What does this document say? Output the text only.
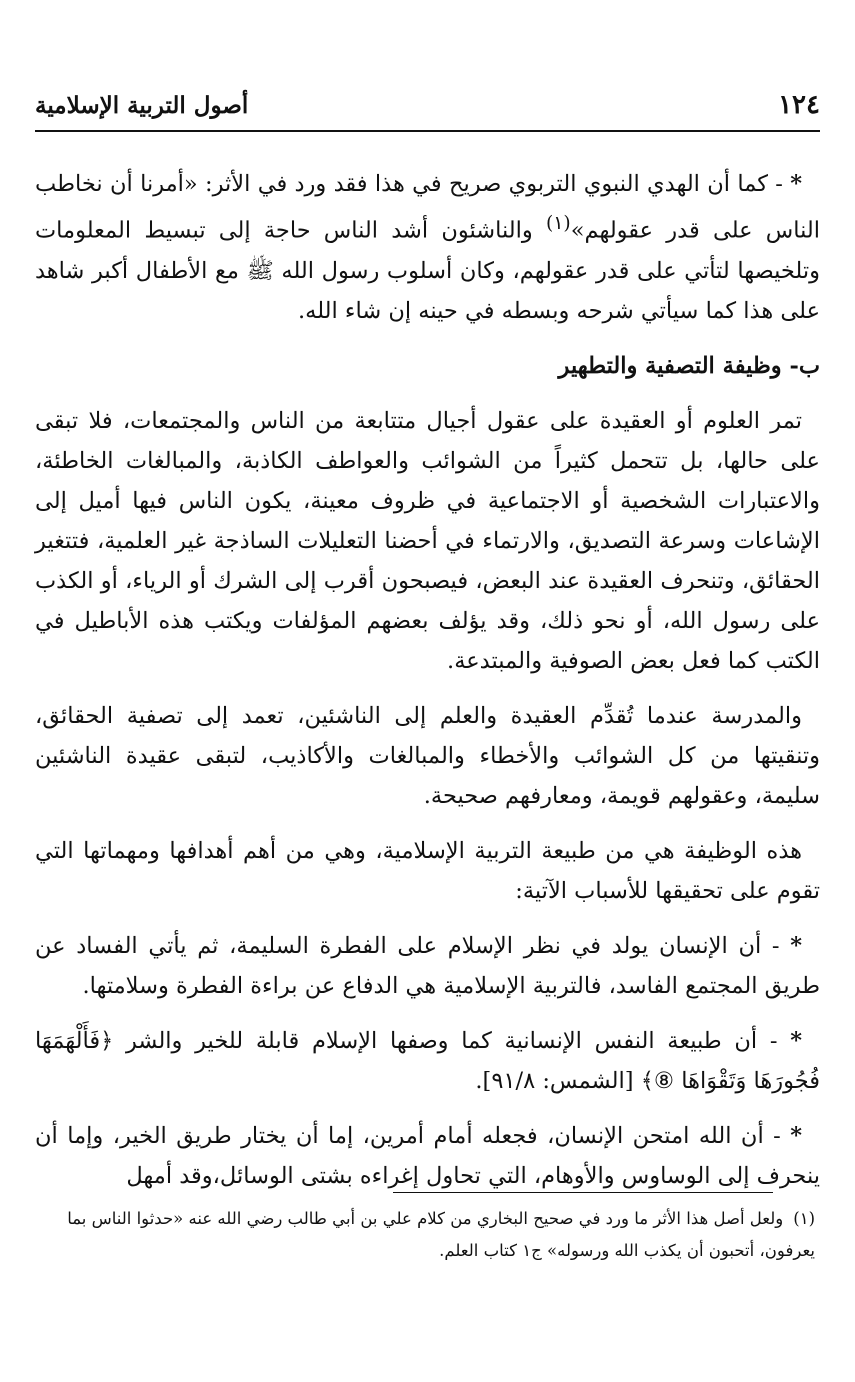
١٢٤
أصول التربية الإسلامية

* - كما أن الهدي النبوي التربوي صريح في هذا فقد ورد في الأثر: «أمرنا أن نخاطب الناس على قدر عقولهم»$^{(١)}$ والناشئون أشد الناس حاجة إلى تبسيط المعلومات وتلخيصها لتأتي على قدر عقولهم، وكان أسلوب رسول الله ﷺ مع الأطفال أكبر شاهد على هذا كما سيأتي شرحه وبسطه في حينه إن شاء الله.

ب- وظيفة التصفية والتطهير

تمر العلوم أو العقيدة على عقول أجيال متتابعة من الناس والمجتمعات، فلا تبقى على حالها، بل تتحمل كثيراً من الشوائب والعواطف الكاذبة، والمبالغات الخاطئة، والاعتبارات الشخصية أو الاجتماعية في ظروف معينة، يكون الناس فيها أميل إلى الإشاعات وسرعة التصديق، والارتماء في أحضنا التعليلات الساذجة غير العلمية، فتتغير الحقائق، وتنحرف العقيدة عند البعض، فيصبحون أقرب إلى الشرك أو الرياء، أو الكذب على رسول الله، أو نحو ذلك، وقد يؤلف بعضهم المؤلفات ويكتب هذه الأباطيل في الكتب كما فعل بعض الصوفية والمبتدعة.

والمدرسة عندما تُقدِّم العقيدة والعلم إلى الناشئين، تعمد إلى تصفية الحقائق، وتنقيتها من كل الشوائب والأخطاء والمبالغات والأكاذيب، لتبقى عقيدة الناشئين سليمة، وعقولهم قويمة، ومعارفهم صحيحة.

هذه الوظيفة هي من طبيعة التربية الإسلامية، وهي من أهم أهدافها ومهماتها التي تقوم على تحقيقها للأسباب الآتية:

* - أن الإنسان يولد في نظر الإسلام على الفطرة السليمة، ثم يأتي الفساد عن طريق المجتمع الفاسد، فالتربية الإسلامية هي الدفاع عن براءة الفطرة وسلامتها.

* - أن طبيعة النفس الإنسانية كما وصفها الإسلام قابلة للخير والشر ﴿فَأَلْهَمَهَا فُجُورَهَا وَتَقْوَاهَا ⑧﴾ [الشمس: ٩١/٨].

* - أن الله امتحن الإنسان، فجعله أمام أمرين، إما أن يختار طريق الخير، وإما أن ينحرف إلى الوساوس والأوهام، التي تحاول إغراءه بشتى الوسائل،وقد أمهل

(١)ولعل أصل هذا الأثر ما ورد في صحيح البخاري من كلام علي بن أبي طالب رضي الله عنه «حدثوا الناس بما يعرفون، أتحبون أن يكذب الله ورسوله» ج١ كتاب العلم.
